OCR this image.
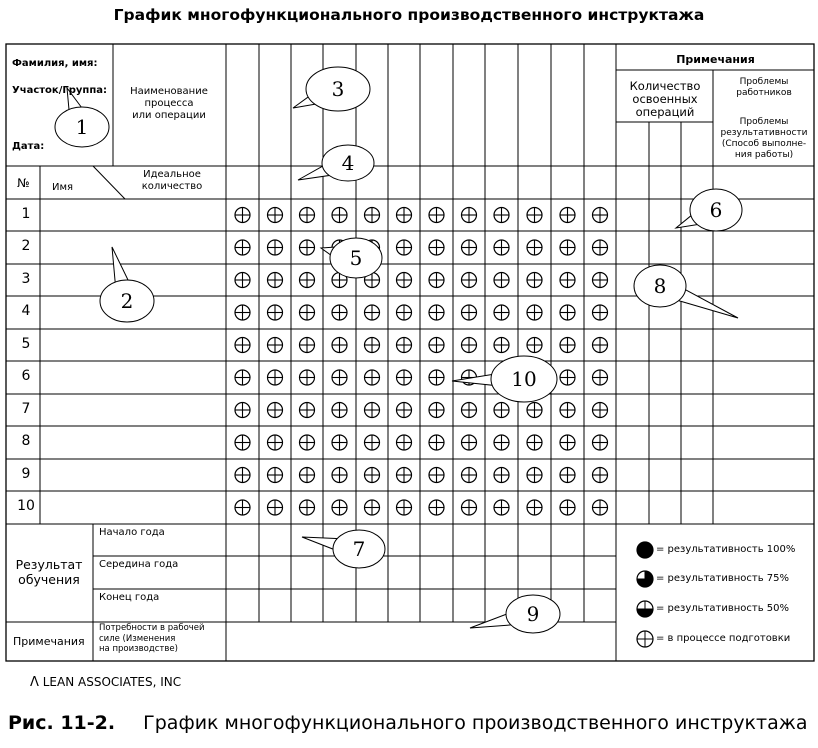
График многофункционального производственного инструктажа
1
2
3
4
5
6
7
8
9
10
Фамилия, имя:
Участок/Группа:
Дата:
Наименование
процесса
или операции
№ Имя
Идеальное
количество
Примечания
Количество
освоенных
операций
Проблемы
работников
Проблемы
результативности
(Способ выполне-
ния работы)
1
2
3
4
5
6
7
8
9
10
Результат
обучения
Начало года
Середина года
Конец года
Примечания
Потребности в рабочей
силе (Изменения
на производстве)
= результативность 100%
= результативность 75%
= результативность 50%
= в процессе подготовки
Λ LEAN ASSOCIATES, INC
Рис. 11-2. График многофункционального производственного инструктажа
